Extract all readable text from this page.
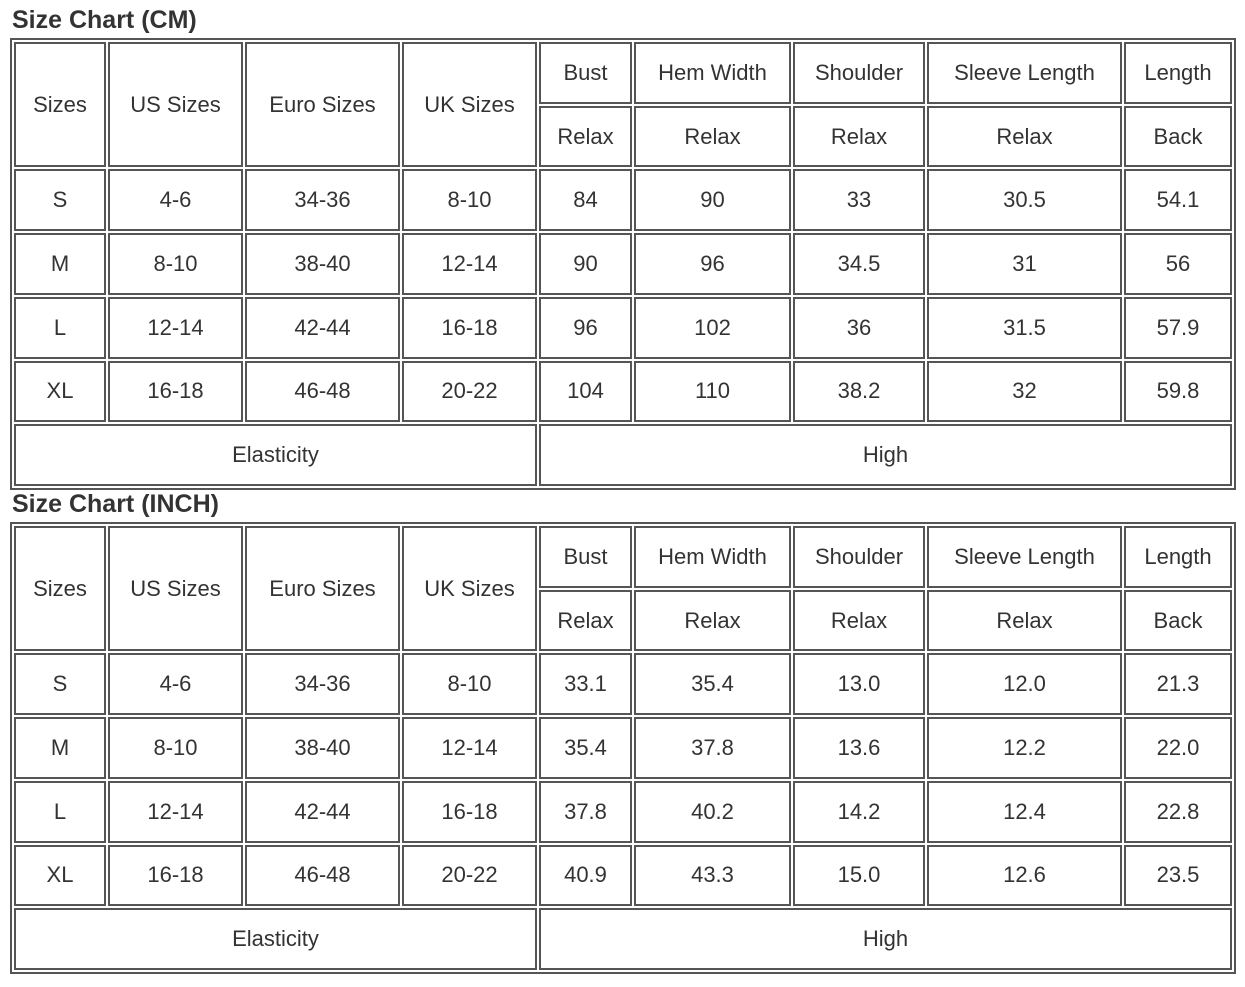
Size Chart (CM)
Sizes	US Sizes	Euro Sizes	UK Sizes	Bust	Hem Width	Shoulder	Sleeve Length	Length
				Relax	Relax	Relax	Relax	Back
S	4-6	34-36	8-10	84	90	33	30.5	54.1
M	8-10	38-40	12-14	90	96	34.5	31	56
L	12-14	42-44	16-18	96	102	36	31.5	57.9
XL	16-18	46-48	20-22	104	110	38.2	32	59.8
Elasticity				High				
Size Chart (INCH)
Sizes	US Sizes	Euro Sizes	UK Sizes	Bust	Hem Width	Shoulder	Sleeve Length	Length
				Relax	Relax	Relax	Relax	Back
S	4-6	34-36	8-10	33.1	35.4	13.0	12.0	21.3
M	8-10	38-40	12-14	35.4	37.8	13.6	12.2	22.0
L	12-14	42-44	16-18	37.8	40.2	14.2	12.4	22.8
XL	16-18	46-48	20-22	40.9	43.3	15.0	12.6	23.5
Elasticity				High				
